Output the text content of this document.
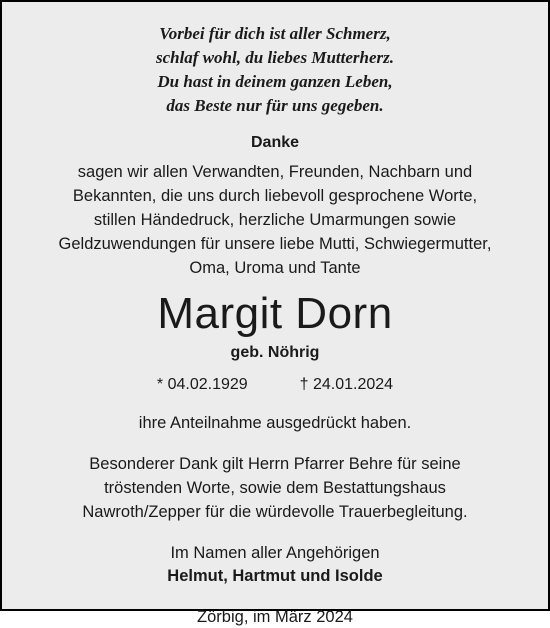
Vorbei für dich ist aller Schmerz,
schlaf wohl, du liebes Mutterherz.
Du hast in deinem ganzen Leben,
das Beste nur für uns gegeben.
Danke
sagen wir allen Verwandten, Freunden, Nachbarn und
Bekannten, die uns durch liebevoll gesprochene Worte,
stillen Händedruck, herzliche Umarmungen sowie
Geldzuwendungen für unsere liebe Mutti, Schwiegermutter,
Oma, Uroma und Tante
Margit Dorn
geb. Nöhrig
* 04.02.1929	† 24.01.2024
ihre Anteilnahme ausgedrückt haben.
Besonderer Dank gilt Herrn Pfarrer Behre für seine
tröstenden Worte, sowie dem Bestattungshaus
Nawroth/Zepper für die würdevolle Trauerbegleitung.
Im Namen aller Angehörigen
Helmut, Hartmut und Isolde
Zörbig, im März 2024
